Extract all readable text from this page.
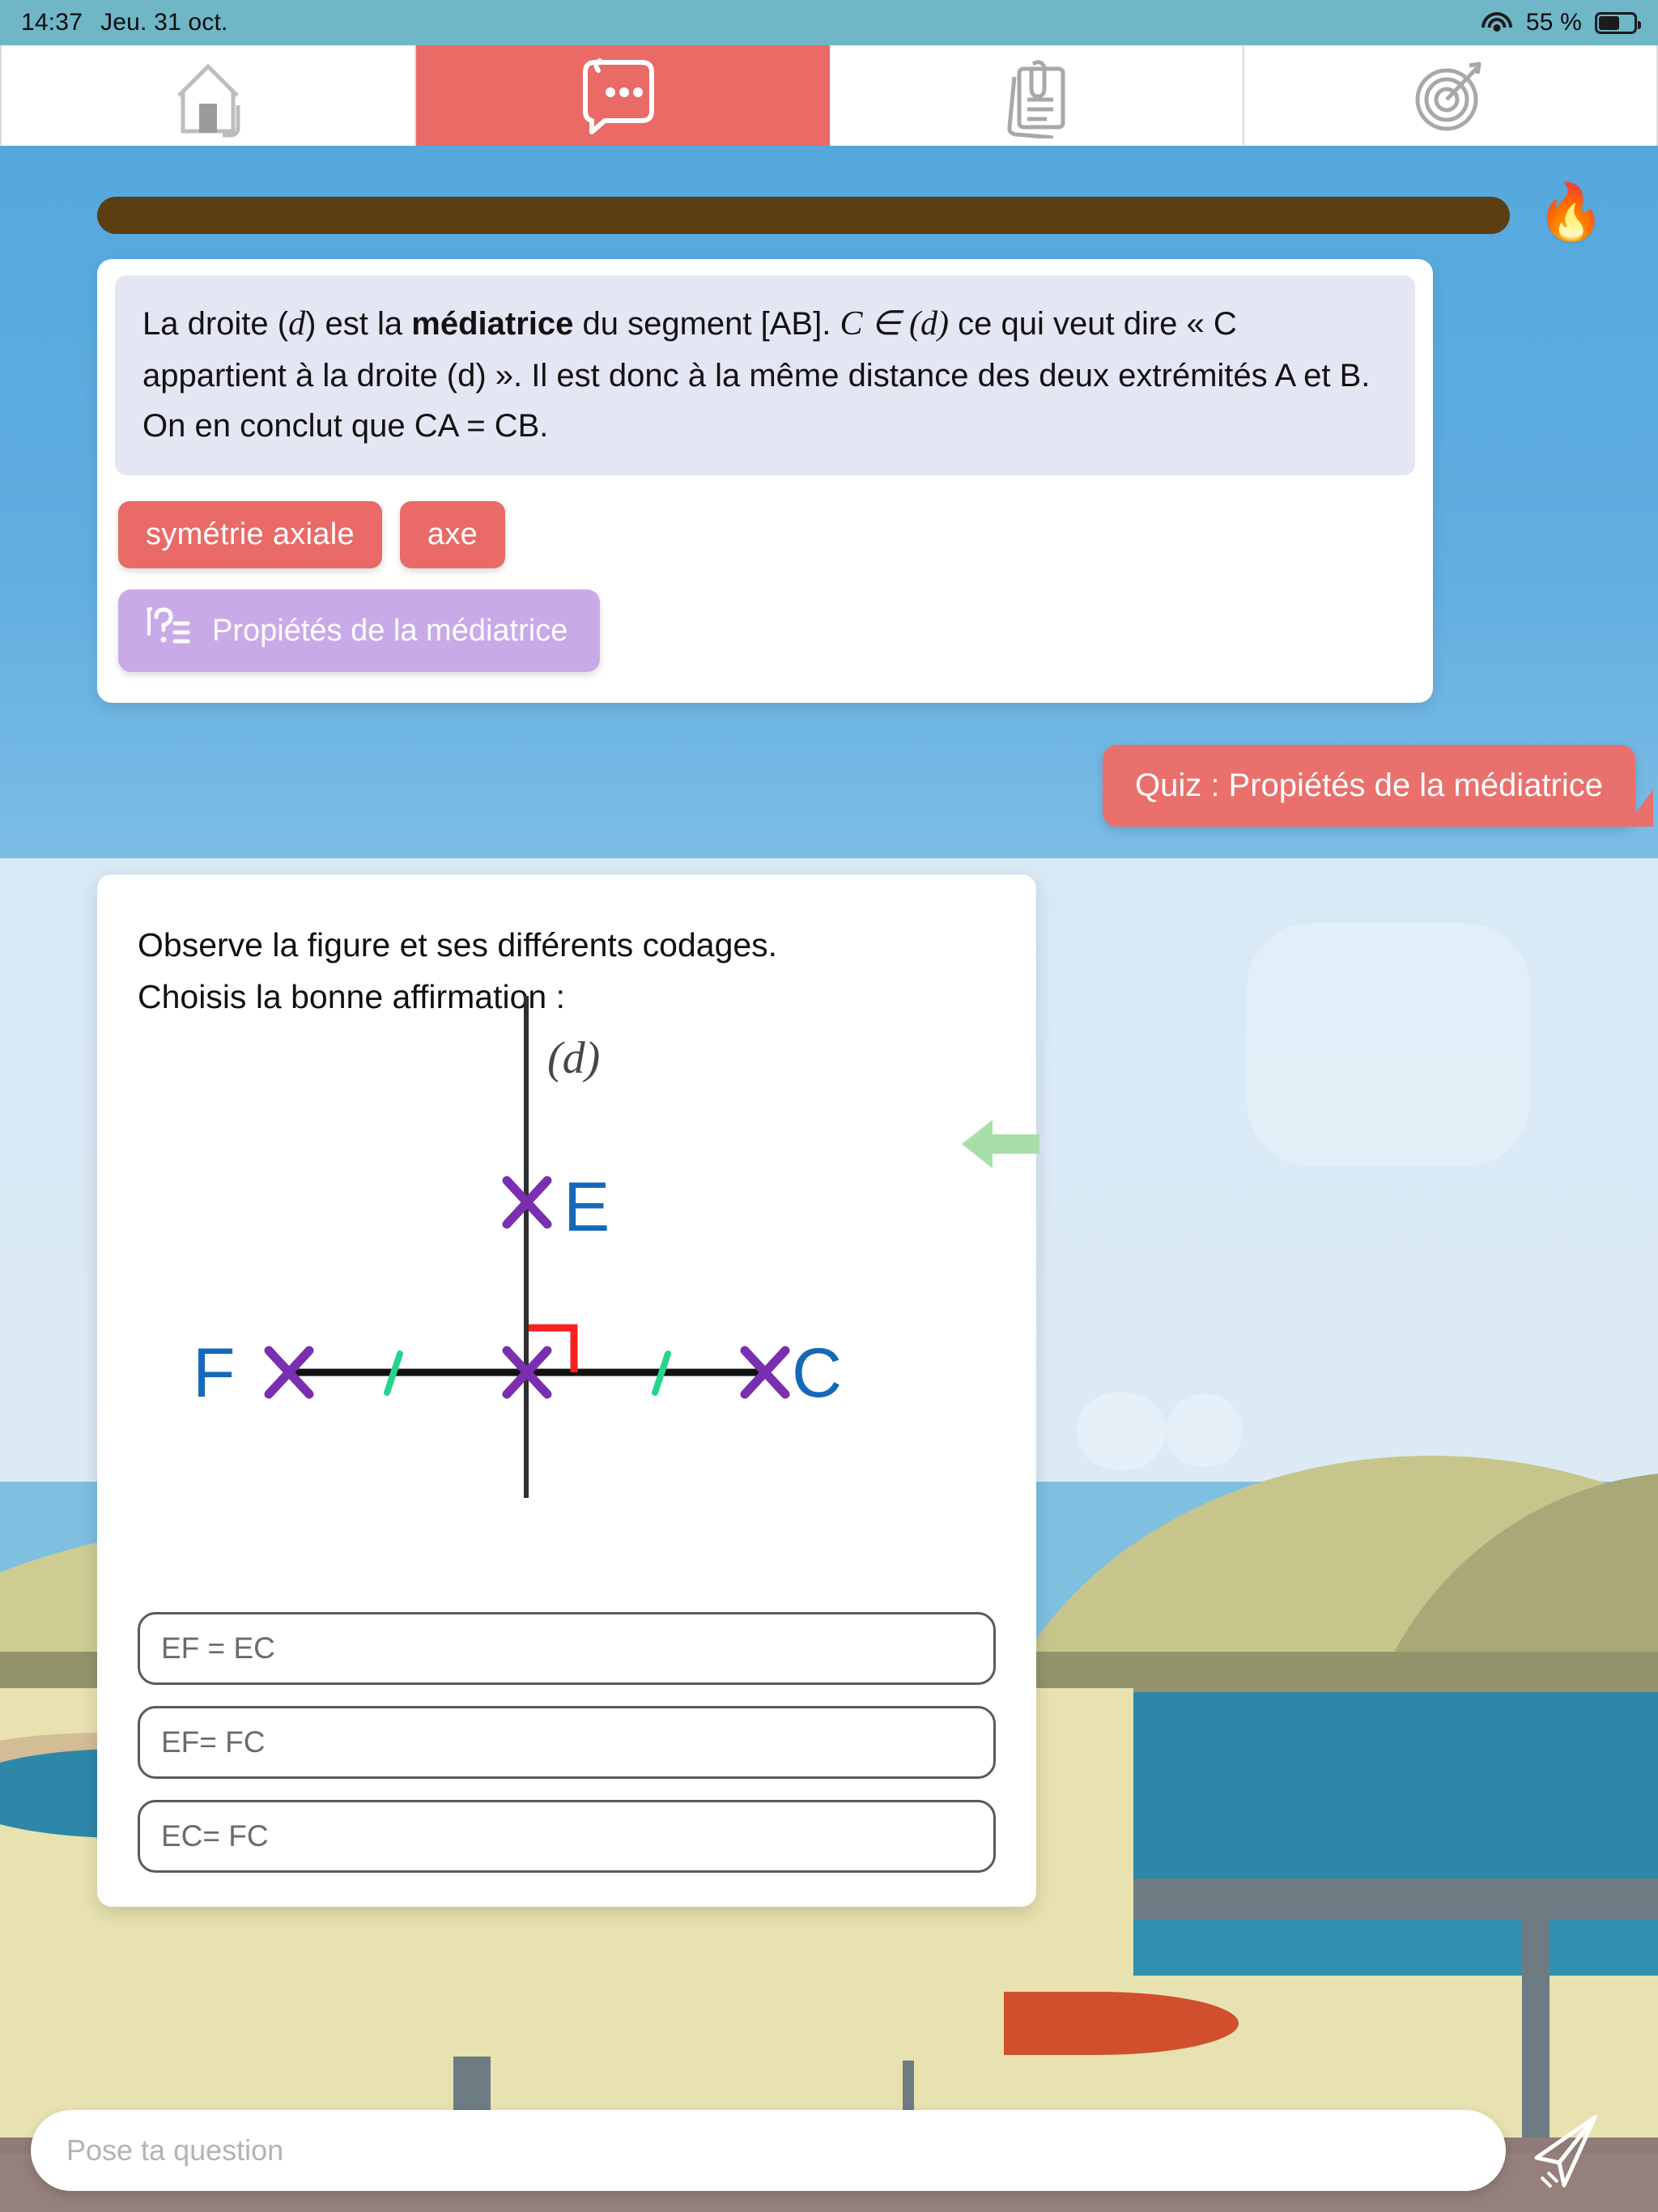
14:37 Jeu. 31 oct.	55 %
🔥
La droite (d) est la médiatrice du segment [AB]. C ∈ (d) ce qui veut dire « C appartient à la droite (d) ». Il est donc à la même distance des deux extrémités A et B. On en conclut que CA = CB.
symétrie axiale	axe
Propiétés de la médiatrice
Quiz : Propiétés de la médiatrice
Observe la figure et ses différents codages.
Choisis la bonne affirmation :
(d)
E
F	C
EF = EC
EF= FC
EC= FC
Pose ta question
